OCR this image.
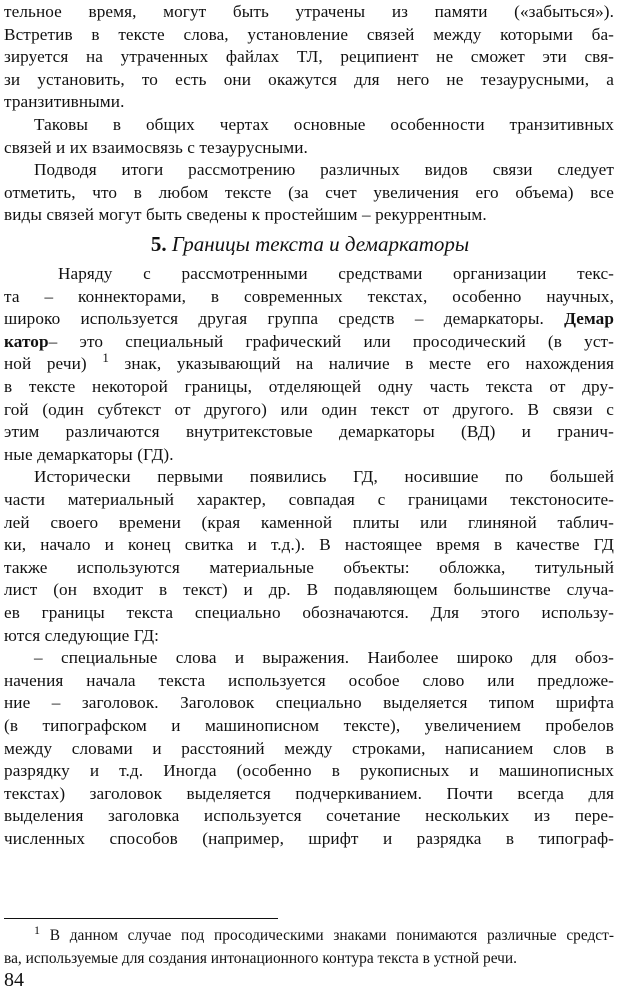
5. Границы текста и демаркаторы
$^1$ В данном случае под просодическими знаками понимаются различные средст-
ва, используемые для создания интонационного контура текста в устной речи.
84
тельное время, могут быть утрачены из памяти («забыться»).
Встретив в тексте слова, установление связей между которыми ба-
зируется на утраченных файлах ТЛ, реципиент не сможет эти свя-
зи установить, то есть они окажутся для него не тезаурусными, а
транзитивными.
Таковы в общих чертах основные особенности транзитивных
связей и их взаимосвязь с тезаурусными.
Подводя итоги рассмотрению различных видов связи следует
отметить, что в любом тексте (за счет увеличения его объема) все
виды связей могут быть сведены к простейшим – рекуррентным.
Наряду с рассмотренными средствами организации текс-
та – коннекторами, в современных текстах, особенно научных,
широко используется другая группа средств – демаркаторы. Демар
катор– это специальный графический или просодический (в уст-
ной речи) $^1$ знак, указывающий на наличие в месте его нахождения
в тексте некоторой границы, отделяющей одну часть текста от дру-
гой (один субтекст от другого) или один текст от другого. В связи с
этим различаются внутритекстовые демаркаторы (ВД) и гранич-
ные демаркаторы (ГД).
Исторически первыми появились ГД, носившие по большей
части материальный характер, совпадая с границами текстоносите-
лей своего времени (края каменной плиты или глиняной таблич-
ки, начало и конец свитка и т.д.). В настоящее время в качестве ГД
также используются материальные объекты: обложка, титульный
лист (он входит в текст) и др. В подавляющем большинстве случа-
ев границы текста специально обозначаются. Для этого использу-
ются следующие ГД:
– специальные слова и выражения. Наиболее широко для обоз-
начения начала текста используется особое слово или предложе-
ние – заголовок. Заголовок специально выделяется типом шрифта
(в типографском и машинописном тексте), увеличением пробелов
между словами и расстояний между строками, написанием слов в
разрядку и т.д. Иногда (особенно в рукописных и машинописных
текстах) заголовок выделяется подчеркиванием. Почти всегда для
выделения заголовка используется сочетание нескольких из пере-
численных способов (например, шрифт и разрядка в типограф-
